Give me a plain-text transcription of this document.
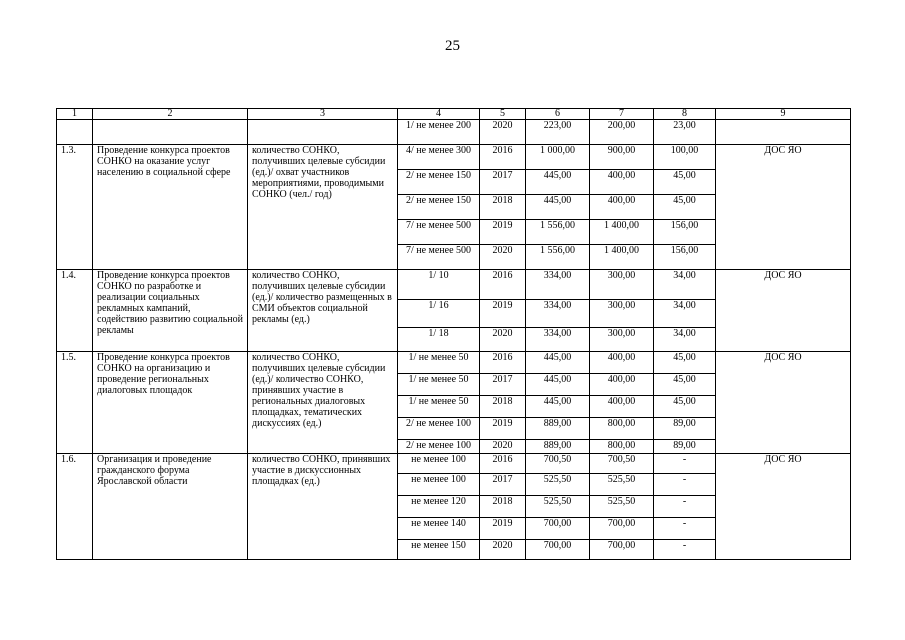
25
1	2	3	4	5	6	7	8	9
			1/ не менее 200	2020	223,00	200,00	23,00	
1.3.	Проведение конкурса проектов СОНКО на оказание услуг населению в социальной сфере	количество СОНКО, получивших целевые субсидии (ед.)/ охват участников мероприятиями, проводимыми СОНКО (чел./ год)	4/ не менее 300	2016	1 000,00	900,00	100,00	ДОС ЯО
			2/ не менее 150	2017	445,00	400,00	45,00	
			2/ не менее 150	2018	445,00	400,00	45,00	
			7/ не менее 500	2019	1 556,00	1 400,00	156,00	
			7/ не менее 500	2020	1 556,00	1 400,00	156,00	
1.4.	Проведение конкурса проектов СОНКО по разработке и реализации социальных рекламных кампаний, содействию развитию социальной рекламы	количество СОНКО, получивших целевые субсидии (ед.)/ количество размещенных в СМИ объектов социальной рекламы (ед.)	1/ 10	2016	334,00	300,00	34,00	ДОС ЯО
			1/ 16	2019	334,00	300,00	34,00	
			1/ 18	2020	334,00	300,00	34,00	
1.5.	Проведение конкурса проектов СОНКО на организацию и проведение региональных диалоговых площадок	количество СОНКО, получивших целевые субсидии (ед.)/ количество СОНКО, принявших участие в региональных диалоговых площадках, тематических дискуссиях (ед.)	1/ не менее 50	2016	445,00	400,00	45,00	ДОС ЯО
			1/ не менее 50	2017	445,00	400,00	45,00	
			1/ не менее 50	2018	445,00	400,00	45,00	
			2/ не менее 100	2019	889,00	800,00	89,00	
			2/ не менее 100	2020	889,00	800,00	89,00	
1.6.	Организация и проведение гражданского форума Ярославской области	количество СОНКО, принявших участие в дискуссионных площадках (ед.)	не менее 100	2016	700,50	700,50	-	ДОС ЯО
			не менее 100	2017	525,50	525,50	-	
			не менее 120	2018	525,50	525,50	-	
			не менее 140	2019	700,00	700,00	-	
			не менее 150	2020	700,00	700,00	-	
